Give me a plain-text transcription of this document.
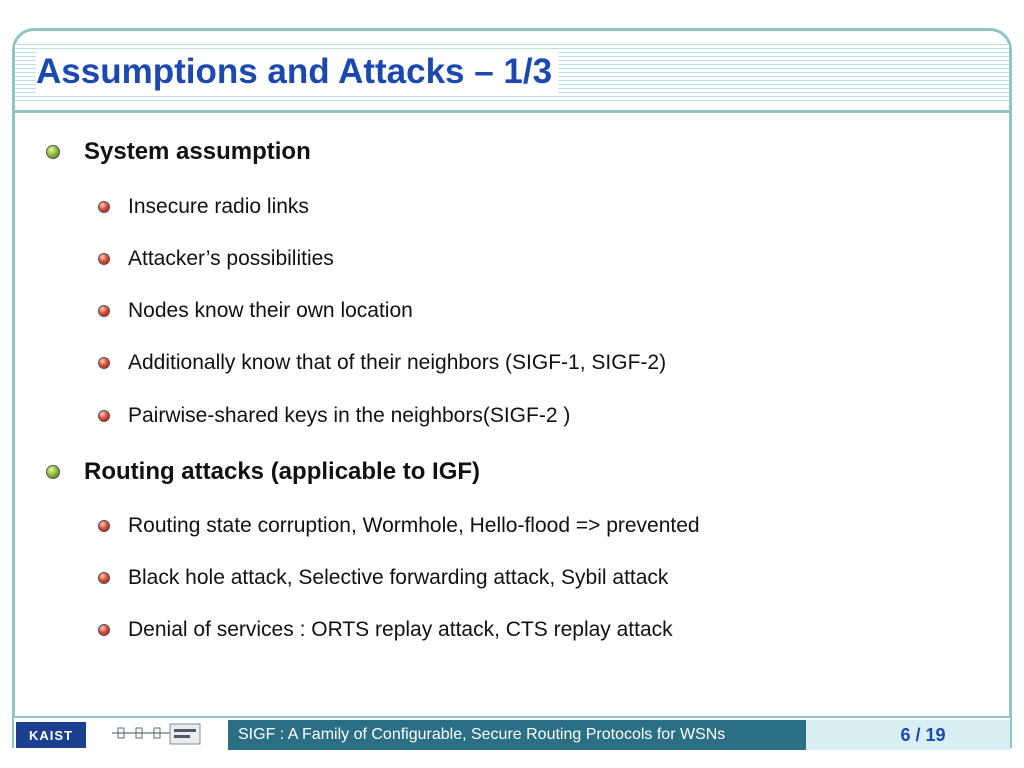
Assumptions and Attacks – 1/3
System assumption
Insecure radio links
Attacker’s possibilities
Nodes know their own location
Additionally know that of their neighbors (SIGF-1, SIGF-2)
Pairwise-shared keys in the neighbors(SIGF-2 )
Routing attacks (applicable to IGF)
Routing state corruption, Wormhole, Hello-flood => prevented
Black hole attack, Selective forwarding attack, Sybil attack
Denial of services : ORTS replay attack, CTS replay attack
KAIST	SIGF : A Family of Configurable, Secure Routing Protocols for WSNs	6 / 19
